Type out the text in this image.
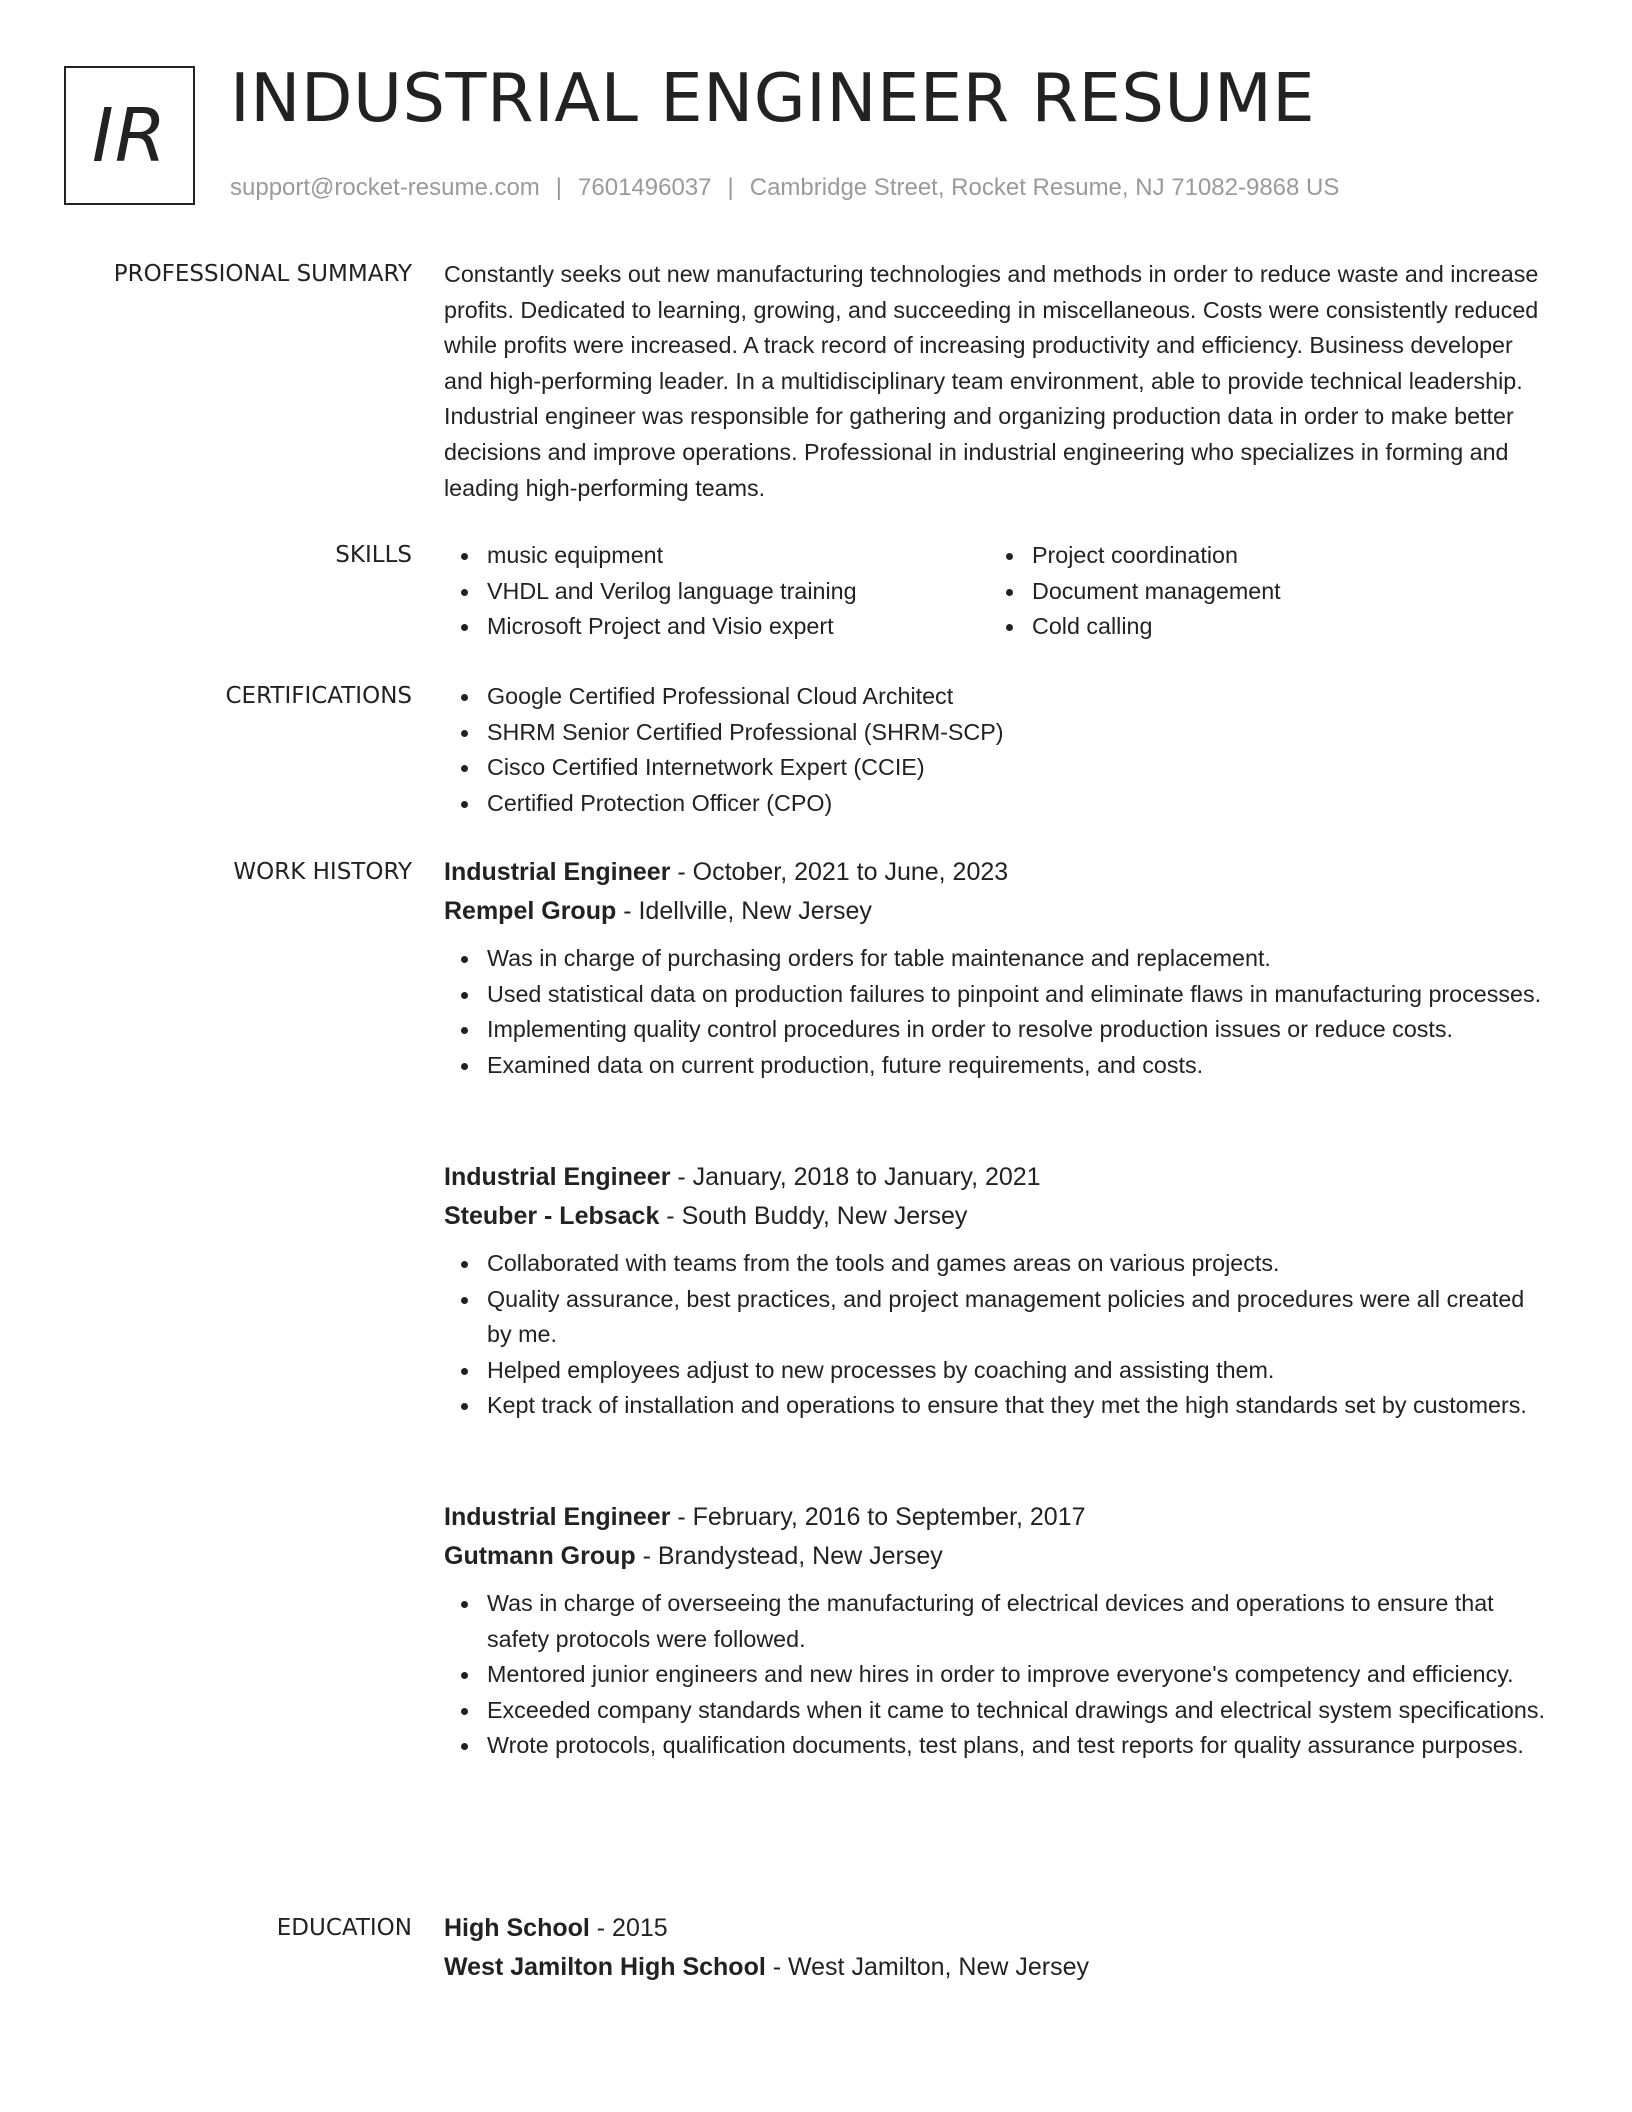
IR INDUSTRIAL ENGINEER RESUME
support@rocket-resume.com | 7601496037 | Cambridge Street, Rocket Resume, NJ 71082-9868 US
PROFESSIONAL SUMMARY Constantly seeks out new manufacturing technologies and methods in order to reduce waste and increase profits. Dedicated to learning, growing, and succeeding in miscellaneous. Costs were consistently reduced while profits were increased. A track record of increasing productivity and efficiency. Business developer and high-performing leader. In a multidisciplinary team environment, able to provide technical leadership. Industrial engineer was responsible for gathering and organizing production data in order to make better decisions and improve operations. Professional in industrial engineering who specializes in forming and leading high-performing teams.
SKILLS	music equipment
VHDL and Verilog language training
Microsoft Project and Visio expert
Project coordination
Document management
Cold calling
CERTIFICATIONS	Google Certified Professional Cloud Architect
SHRM Senior Certified Professional (SHRM-SCP)
Cisco Certified Internetwork Expert (CCIE)
Certified Protection Officer (CPO)
WORK HISTORY Industrial Engineer - October, 2021 to June, 2023
Rempel Group - Idellville, New Jersey
Was in charge of purchasing orders for table maintenance and replacement.
Used statistical data on production failures to pinpoint and eliminate flaws in manufacturing processes.
Implementing quality control procedures in order to resolve production issues or reduce costs.
Examined data on current production, future requirements, and costs.
Industrial Engineer - January, 2018 to January, 2021
Steuber - Lebsack - South Buddy, New Jersey
Collaborated with teams from the tools and games areas on various projects.
Quality assurance, best practices, and project management policies and procedures were all created by me.
Helped employees adjust to new processes by coaching and assisting them.
Kept track of installation and operations to ensure that they met the high standards set by customers.
Industrial Engineer - February, 2016 to September, 2017
Gutmann Group - Brandystead, New Jersey
Was in charge of overseeing the manufacturing of electrical devices and operations to ensure that safety protocols were followed.
Mentored junior engineers and new hires in order to improve everyone's competency and efficiency.
Exceeded company standards when it came to technical drawings and electrical system specifications.
Wrote protocols, qualification documents, test plans, and test reports for quality assurance purposes.
EDUCATION High School - 2015
West Jamilton High School - West Jamilton, New Jersey
